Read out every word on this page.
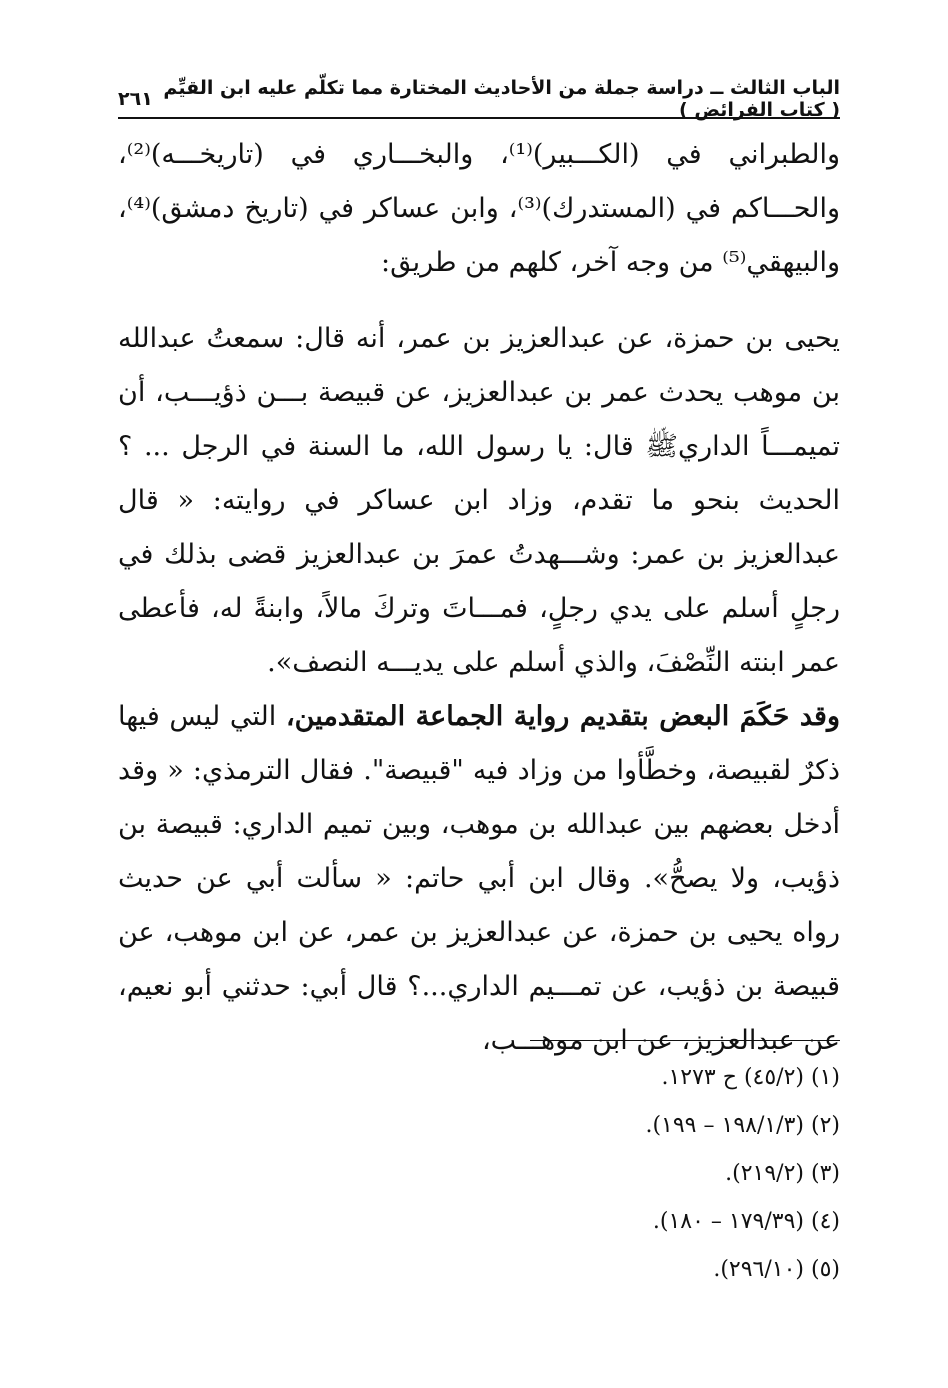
الباب الثالث ــ دراسة جملة من الأحاديث المختارة مما تكلّم عليه ابن القيِّم ( كتاب الفرائض )
٢٦١
والطبراني في (الكـــبير)⁽¹⁾، والبخـــاري في (تاريخـــه)⁽²⁾، والحـــاكم في (المستدرك)⁽³⁾، وابن عساكر في (تاريخ دمشق)⁽⁴⁾، والبيهقي⁽⁵⁾ من وجه آخر، كلهم من طريق:
يحيى بن حمزة، عن عبدالعزيز بن عمر، أنه قال: سمعتُ عبدالله بن موهب يحدث عمر بن عبدالعزيز، عن قبيصة بـــن ذؤيـــب، أن تميمـــاً الداريﷺ قال: يا رسول الله، ما السنة في الرجل ... ؟ الحديث بنحو ما تقدم، وزاد ابن عساكر في روايته: « قال عبدالعزيز بن عمر: وشـــهدتُ عمرَ بن عبدالعزيز قضى بذلك في رجلٍ أسلم على يدي رجلٍ، فمـــاتَ وتركَ مالاً، وابنةً له، فأعطى عمر ابنته النِّصْفَ، والذي أسلم على يديـــه النصف».
وقد حَكَمَ البعض بتقديم رواية الجماعة المتقدمين، التي ليس فيها ذكرٌ لقبيصة، وخطَّأوا من وزاد فيه "قبيصة". فقال الترمذي: « وقد أدخل بعضهم بين عبدالله بن موهب، وبين تميم الداري: قبيصة بن ذؤيب، ولا يصحُّ». وقال ابن أبي حاتم: « سألت أبي عن حديث رواه يحيى بن حمزة، عن عبدالعزيز بن عمر، عن ابن موهب، عن قبيصة بن ذؤيب، عن تمـــيم الداري...؟ قال أبي: حدثني أبو نعيم، عن عبدالعزيز، عن ابن موهـــب،
(١) (٤٥/٢) ح ١٢٧٣.
(٢) (١٩٨/١/٣ – ١٩٩).
(٣) (٢١٩/٢).
(٤) (١٧٩/٣٩ – ١٨٠).
(٥) (٢٩٦/١٠).
